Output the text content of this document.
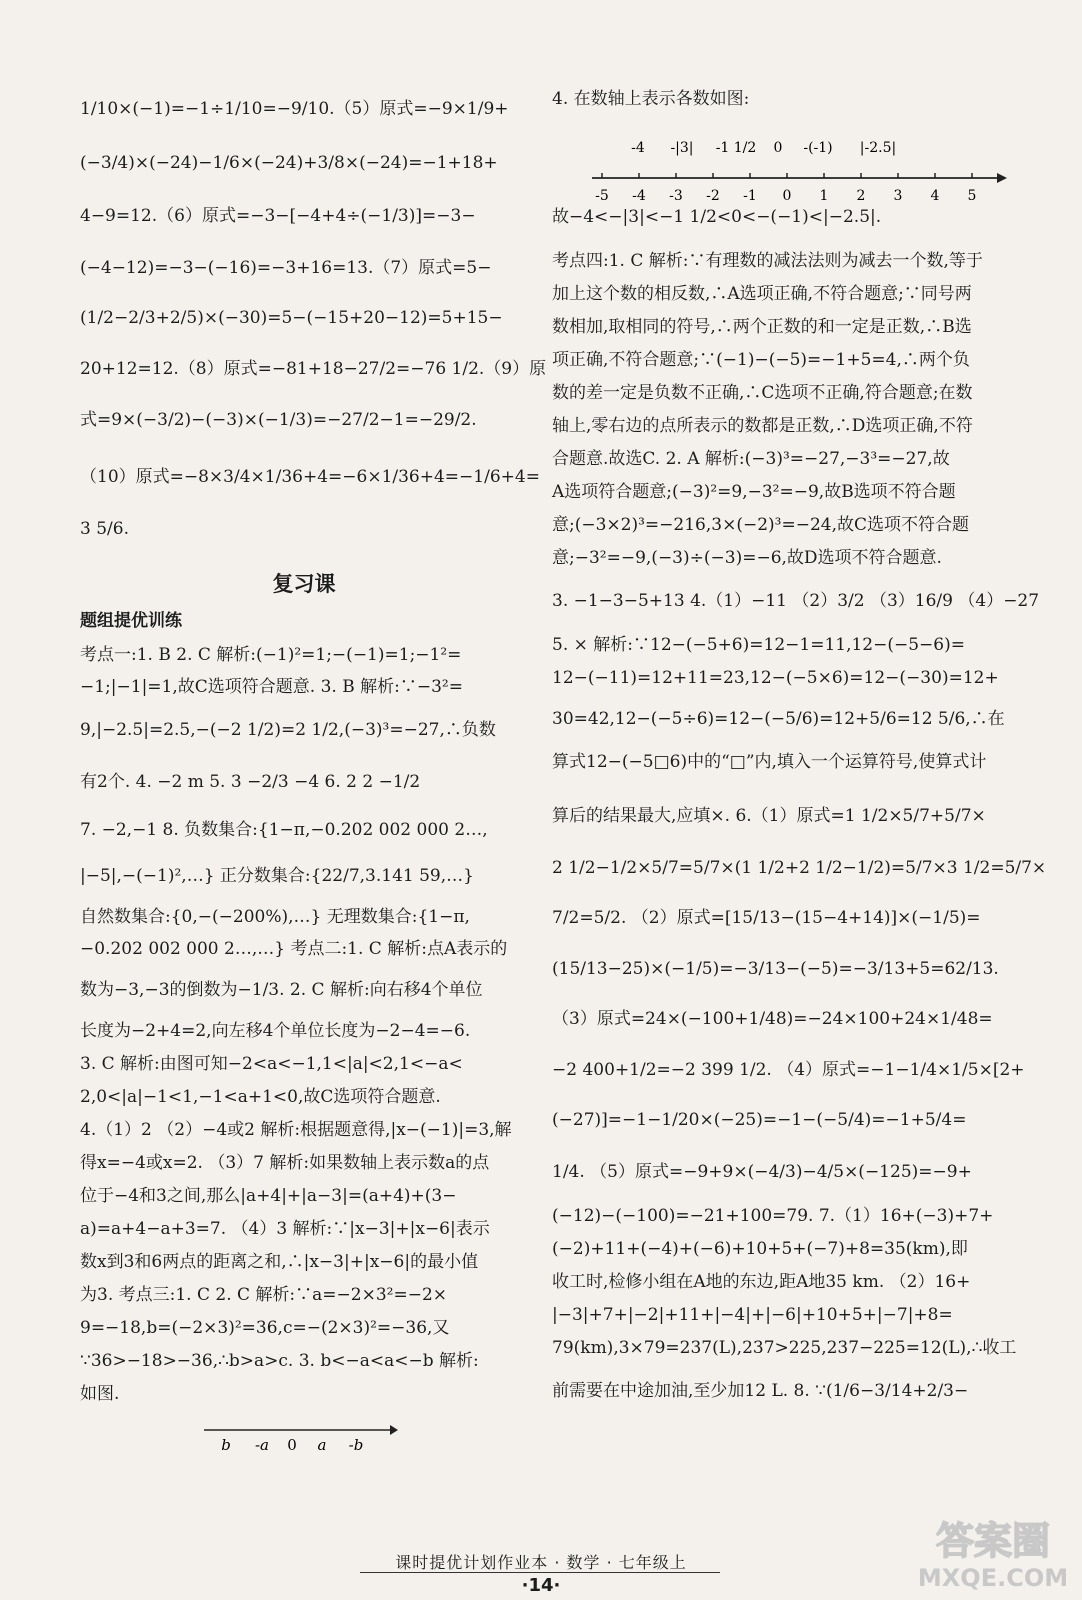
1/10×(−1)=−1÷1/10=−9/10.（5）原式=−9×1/9+
(−3/4)×(−24)−1/6×(−24)+3/8×(−24)=−1+18+
4−9=12.（6）原式=−3−[−4+4÷(−1/3)]=−3−
(−4−12)=−3−(−16)=−3+16=13.（7）原式=5−
(1/2−2/3+2/5)×(−30)=5−(−15+20−12)=5+15−
20+12=12.（8）原式=−81+18−27/2=−76 1/2.（9）原
式=9×(−3/2)−(−3)×(−1/3)=−27/2−1=−29/2.
（10）原式=−8×3/4×1/36+4=−6×1/36+4=−1/6+4=
3 5/6.
复习课
题组提优训练
考点一:1. B 2. C 解析:(−1)²=1;−(−1)=1;−1²=
−1;|−1|=1,故C选项符合题意. 3. B 解析:∵−3²=
9,|−2.5|=2.5,−(−2 1/2)=2 1/2,(−3)³=−27,∴负数
有2个. 4. −2 m 5. 3 −2/3 −4 6. 2 2 −1/2
7. −2,−1 8. 负数集合:{1−π,−0.202 002 000 2…,
|−5|,−(−1)²,…} 正分数集合:{22/7,3.141 59,…}
自然数集合:{0,−(−200%),…} 无理数集合:{1−π,
−0.202 002 000 2…,…} 考点二:1. C 解析:点A表示的
数为−3,−3的倒数为−1/3. 2. C 解析:向右移4个单位
长度为−2+4=2,向左移4个单位长度为−2−4=−6.
3. C 解析:由图可知−2<a<−1,1<|a|<2,1<−a<
2,0<|a|−1<1,−1<a+1<0,故C选项符合题意.
4.（1）2 （2）−4或2 解析:根据题意得,|x−(−1)|=3,解
得x=−4或x=2. （3）7 解析:如果数轴上表示数a的点
位于−4和3之间,那么|a+4|+|a−3|=(a+4)+(3−
a)=a+4−a+3=7. （4）3 解析:∵|x−3|+|x−6|表示
数x到3和6两点的距离之和,∴|x−3|+|x−6|的最小值
为3. 考点三:1. C 2. C 解析:∵a=−2×3²=−2×
9=−18,b=(−2×3)²=36,c=−(2×3)²=−36,又
∵36>−18>−36,∴b>a>c. 3. b<−a<a<−b 解析:
如图.
b -a 0 a -b
4. 在数轴上表示各数如图:
-5 -4 -3 -2 -1 0 1 2 3 4 5
-4 -|3| -1 1/2 0 -(-1) |-2.5|
故−4<−|3|<−1 1/2<0<−(−1)<|−2.5|.
考点四:1. C 解析:∵有理数的减法法则为减去一个数,等于
加上这个数的相反数,∴A选项正确,不符合题意;∵同号两
数相加,取相同的符号,∴两个正数的和一定是正数,∴B选
项正确,不符合题意;∵(−1)−(−5)=−1+5=4,∴两个负
数的差一定是负数不正确,∴C选项不正确,符合题意;在数
轴上,零右边的点所表示的数都是正数,∴D选项正确,不符
合题意.故选C. 2. A 解析:(−3)³=−27,−3³=−27,故
A选项符合题意;(−3)²=9,−3²=−9,故B选项不符合题
意;(−3×2)³=−216,3×(−2)³=−24,故C选项不符合题
意;−3²=−9,(−3)÷(−3)=−6,故D选项不符合题意.
3. −1−3−5+13 4.（1）−11 （2）3/2 （3）16/9 （4）−27
5. × 解析:∵12−(−5+6)=12−1=11,12−(−5−6)=
12−(−11)=12+11=23,12−(−5×6)=12−(−30)=12+
30=42,12−(−5÷6)=12−(−5/6)=12+5/6=12 5/6,∴在
算式12−(−5□6)中的“□”内,填入一个运算符号,使算式计
算后的结果最大,应填×. 6.（1）原式=1 1/2×5/7+5/7×
2 1/2−1/2×5/7=5/7×(1 1/2+2 1/2−1/2)=5/7×3 1/2=5/7×
7/2=5/2. （2）原式=[15/13−(15−4+14)]×(−1/5)=
(15/13−25)×(−1/5)=−3/13−(−5)=−3/13+5=62/13.
（3）原式=24×(−100+1/48)=−24×100+24×1/48=
−2 400+1/2=−2 399 1/2. （4）原式=−1−1/4×1/5×[2+
(−27)]=−1−1/20×(−25)=−1−(−5/4)=−1+5/4=
1/4. （5）原式=−9+9×(−4/3)−4/5×(−125)=−9+
(−12)−(−100)=−21+100=79. 7.（1）16+(−3)+7+
(−2)+11+(−4)+(−6)+10+5+(−7)+8=35(km),即
收工时,检修小组在A地的东边,距A地35 km. （2）16+
|−3|+7+|−2|+11+|−4|+|−6|+10+5+|−7|+8=
79(km),3×79=237(L),237>225,237−225=12(L),∴收工
前需要在中途加油,至少加12 L. 8. ∵(1/6−3/14+2/3−
课时提优计划作业本 · 数学 · 七年级上
·14·
答案圈
MXQE.COM
